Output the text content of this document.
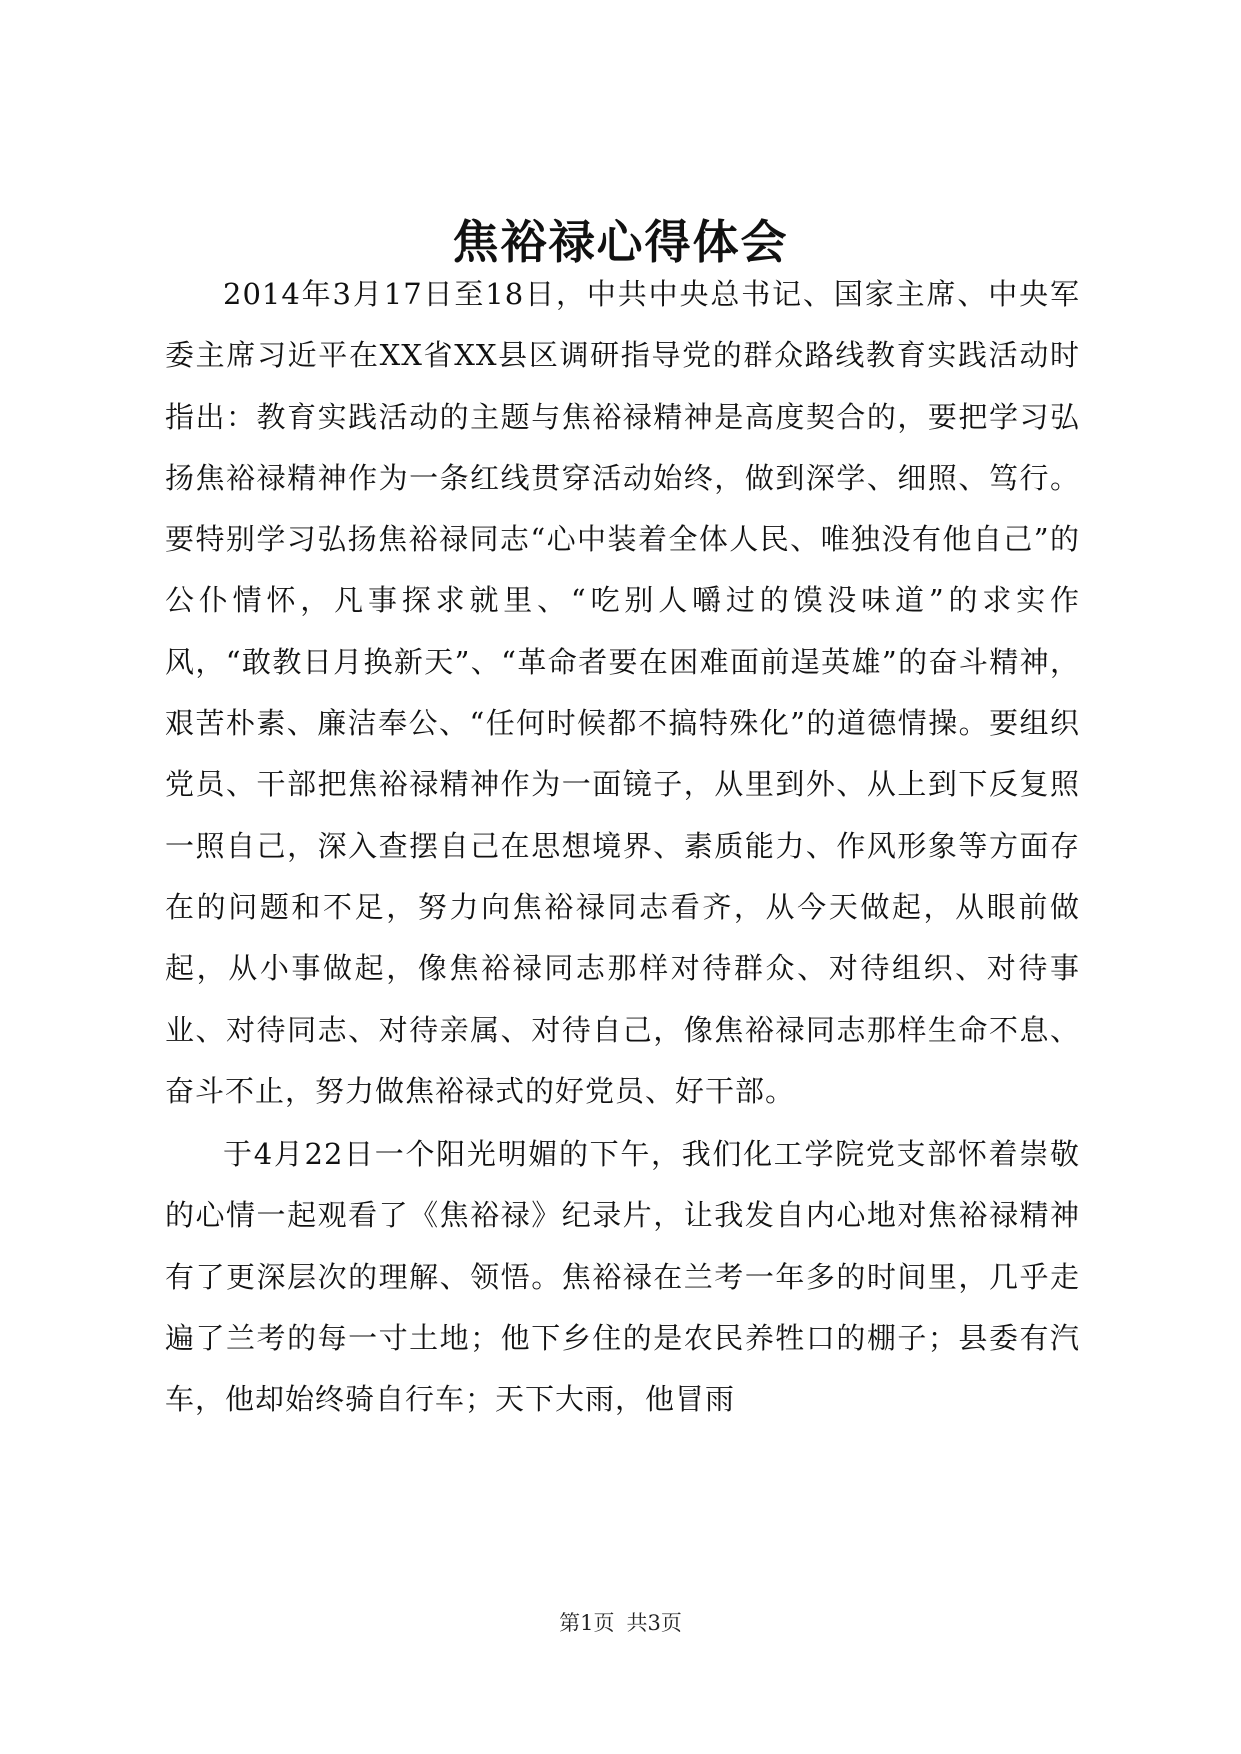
焦裕禄心得体会

2014年3月17日至18日，中共中央总书记、国家主席、中央军委主席习近平在XX省XX县区调研指导党的群众路线教育实践活动时指出：教育实践活动的主题与焦裕禄精神是高度契合的，要把学习弘扬焦裕禄精神作为一条红线贯穿活动始终，做到深学、细照、笃行。要特别学习弘扬焦裕禄同志“心中装着全体人民、唯独没有他自己”的公仆情怀，凡事探求就里、“吃别人嚼过的馍没味道”的求实作风，“敢教日月换新天”、“革命者要在困难面前逞英雄”的奋斗精神，艰苦朴素、廉洁奉公、“任何时候都不搞特殊化”的道德情操。要组织党员、干部把焦裕禄精神作为一面镜子，从里到外、从上到下反复照一照自己，深入查摆自己在思想境界、素质能力、作风形象等方面存在的问题和不足，努力向焦裕禄同志看齐，从今天做起，从眼前做起，从小事做起，像焦裕禄同志那样对待群众、对待组织、对待事业、对待同志、对待亲属、对待自己，像焦裕禄同志那样生命不息、奋斗不止，努力做焦裕禄式的好党员、好干部。

于4月22日一个阳光明媚的下午，我们化工学院党支部怀着崇敬的心情一起观看了《焦裕禄》纪录片，让我发自内心地对焦裕禄精神有了更深层次的理解、领悟。焦裕禄在兰考一年多的时间里，几乎走遍了兰考的每一寸土地；他下乡住的是农民养牲口的棚子；县委有汽车，他却始终骑自行车；天下大雨，他冒雨

第1页 共3页
